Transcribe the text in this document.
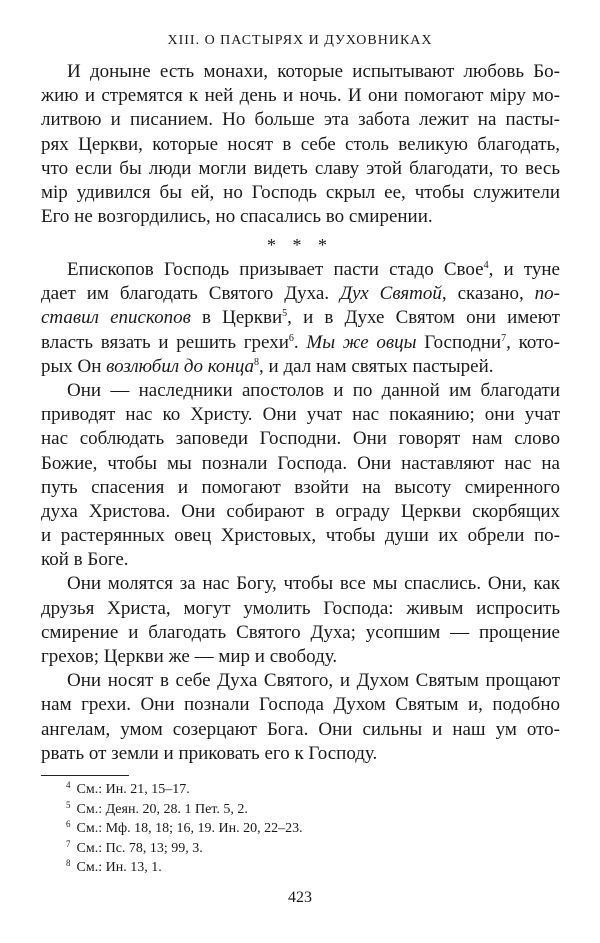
XIII. О ПАСТЫРЯХ И ДУХОВНИКАХ
И доныне есть монахи, которые испытывают любовь Бо-
жию и стремятся к ней день и ночь. И они помогают міру мо-
литвою и писанием. Но больше эта забота лежит на пасты-
рях Церкви, которые носят в себе столь великую благодать,
что если бы люди могли видеть славу этой благодати, то весь
мір удивился бы ей, но Господь скрыл ее, чтобы служители
Его не возгордились, но спасались во смирении.
* * *
Епископов Господь призывает пасти стадо Свое$^4$, и туне
дает им благодать Святого Духа. Дух Святой, сказано, по-
ставил епископов в Церкви$^5$, и в Духе Святом они имеют
власть вязать и решить грехи$^6$. Мы же овцы Господни$^7$, кото-
рых Он возлюбил до конца$^8$, и дал нам святых пастырей.
Они — наследники апостолов и по данной им благодати
приводят нас ко Христу. Они учат нас покаянию; они учат
нас соблюдать заповеди Господни. Они говорят нам слово
Божие, чтобы мы познали Господа. Они наставляют нас на
путь спасения и помогают взойти на высоту смиренного
духа Христова. Они собирают в ограду Церкви скорбящих
и растерянных овец Христовых, чтобы души их обрели по-
кой в Боге.
Они молятся за нас Богу, чтобы все мы спаслись. Они, как
друзья Христа, могут умолить Господа: живым испросить
смирение и благодать Святого Духа; усопшим — прощение
грехов; Церкви же — мир и свободу.
Они носят в себе Духа Святого, и Духом Святым прощают
нам грехи. Они познали Господа Духом Святым и, подобно
ангелам, умом созерцают Бога. Они сильны и наш ум ото-
рвать от земли и приковать его к Господу.
$^4$ См.: Ин. 21, 15–17.
$^5$ См.: Деян. 20, 28. 1 Пет. 5, 2.
$^6$ См.: Мф. 18, 18; 16, 19. Ин. 20, 22–23.
$^7$ См.: Пс. 78, 13; 99, 3.
$^8$ См.: Ин. 13, 1.
423
